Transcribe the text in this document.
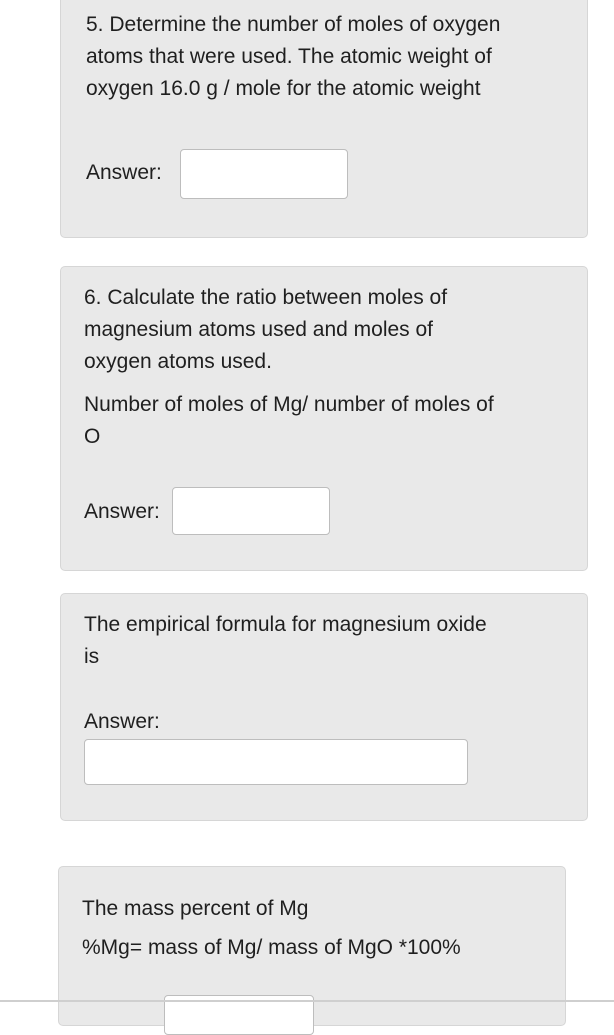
5. Determine the number of moles of oxygen
atoms that were used. The atomic weight of
oxygen 16.0 g / mole for the atomic weight
Answer:
6. Calculate the ratio between moles of
magnesium atoms used and moles of
oxygen atoms used.
Number of moles of Mg/ number of moles of
O
Answer:
The empirical formula for magnesium oxide
is
Answer:
The mass percent of Mg
%Mg= mass of Mg/ mass of MgO *100%
